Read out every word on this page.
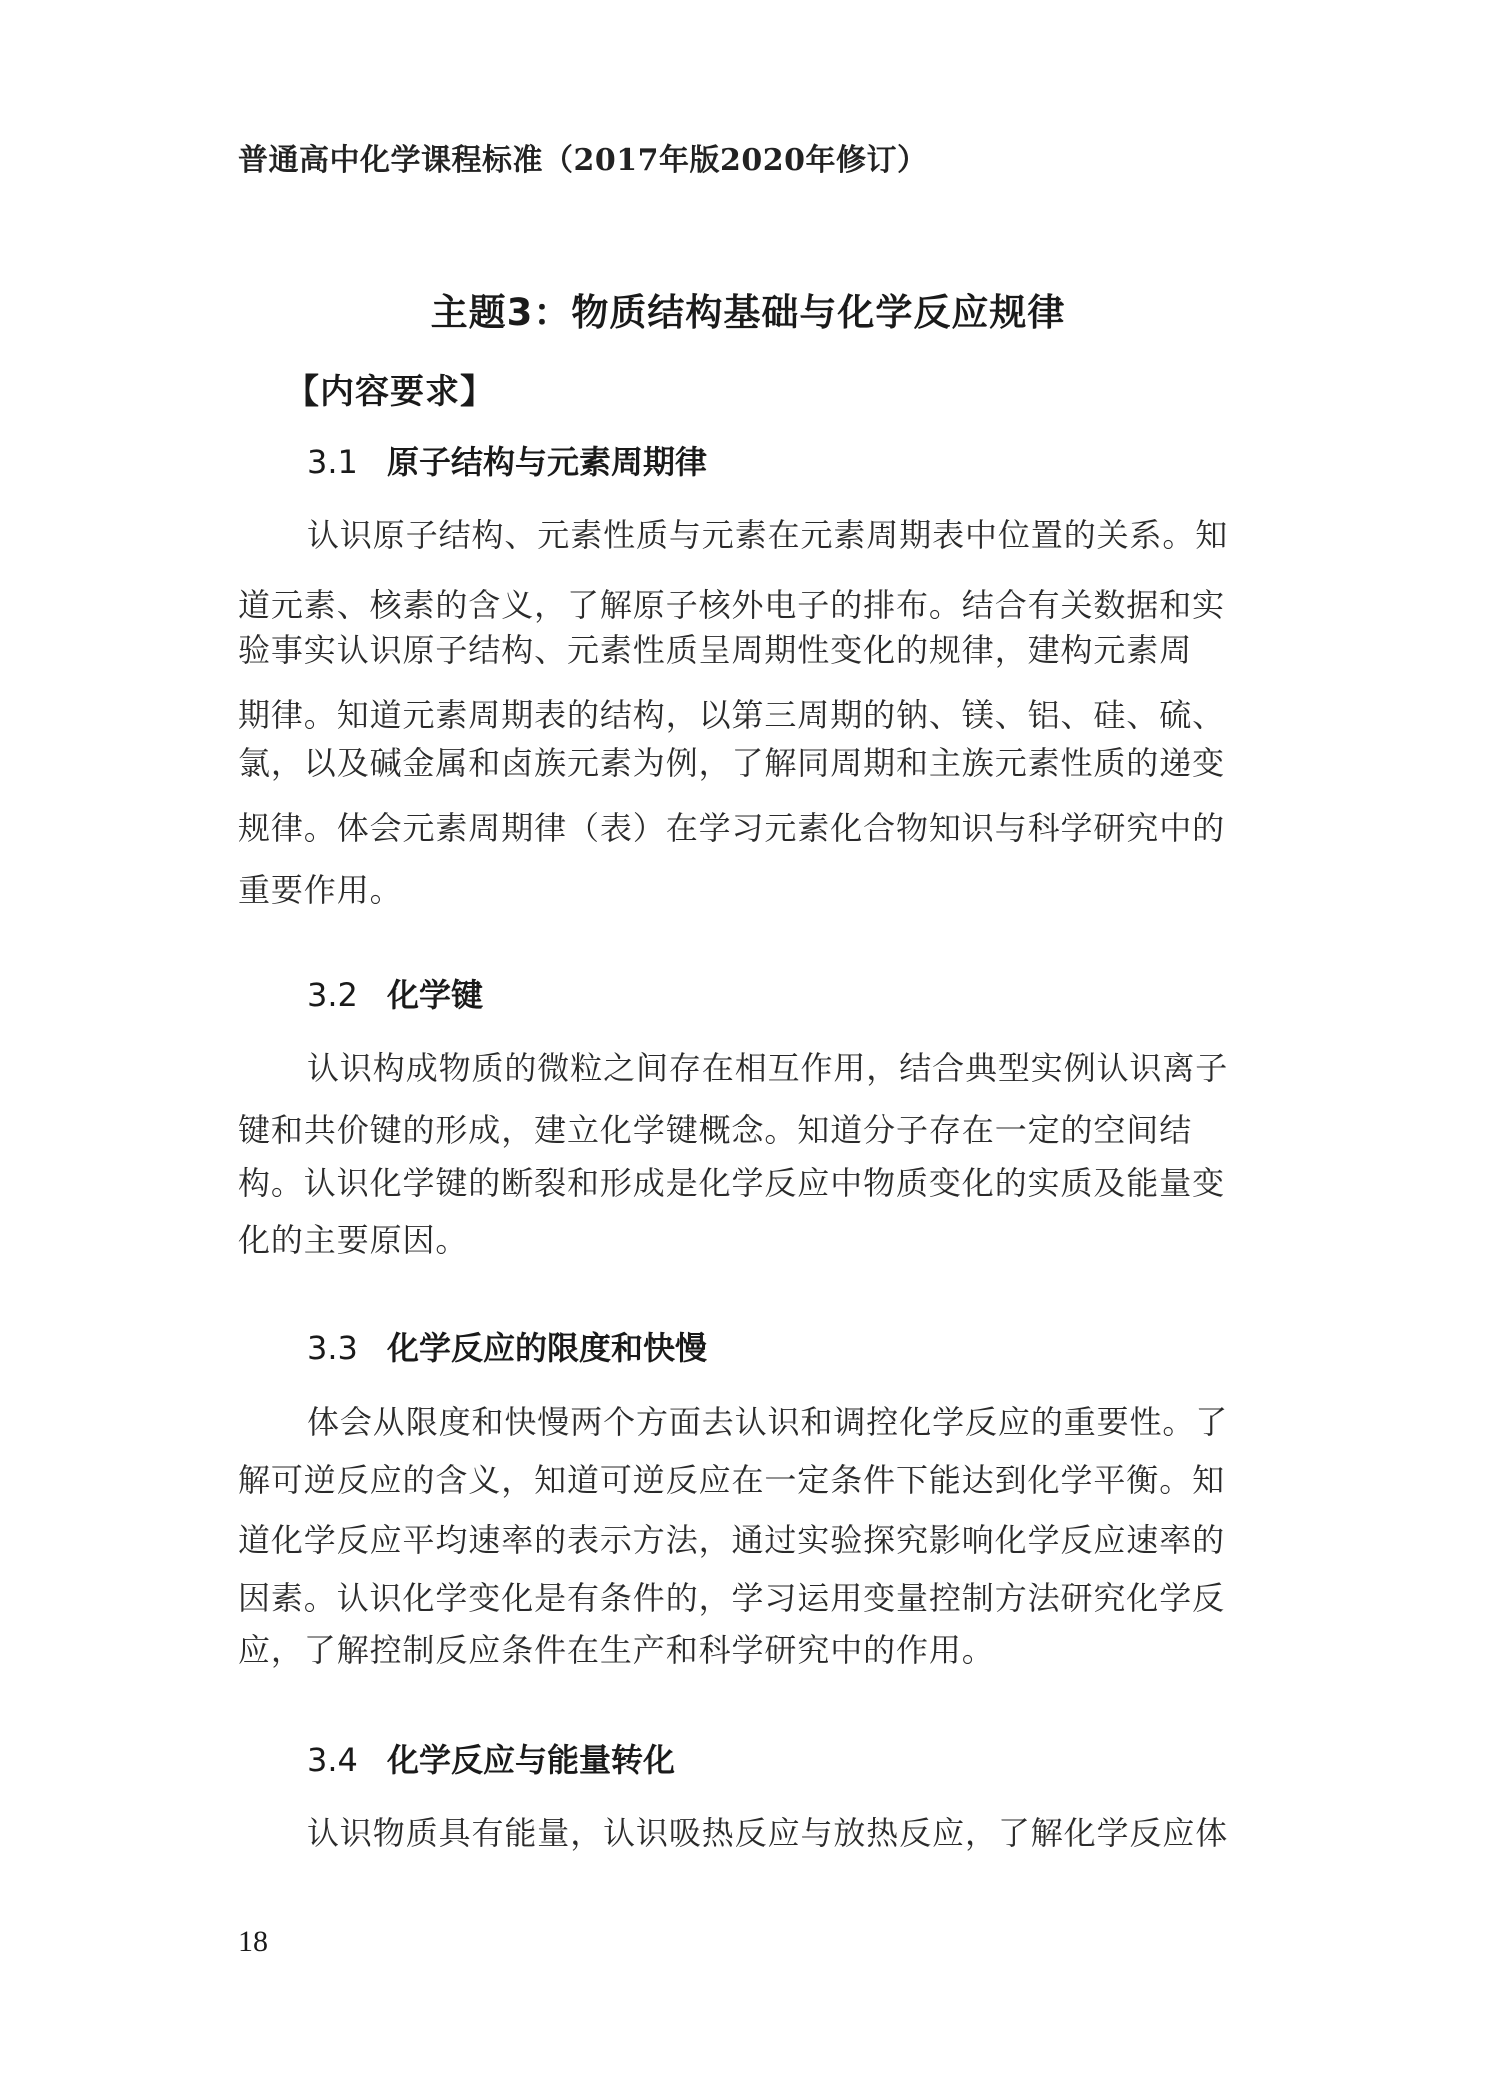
普通高中化学课程标准（2017年版2020年修订）
主题3：物质结构基础与化学反应规律
【内容要求】
3.1 原子结构与元素周期律
认识原子结构、元素性质与元素在元素周期表中位置的关系。知
道元素、核素的含义，了解原子核外电子的排布。结合有关数据和实
验事实认识原子结构、元素性质呈周期性变化的规律，建构元素周
期律。知道元素周期表的结构，以第三周期的钠、镁、铝、硅、硫、
氯，以及碱金属和卤族元素为例，了解同周期和主族元素性质的递变
规律。体会元素周期律（表）在学习元素化合物知识与科学研究中的
重要作用。
3.2 化学键
认识构成物质的微粒之间存在相互作用，结合典型实例认识离子
键和共价键的形成，建立化学键概念。知道分子存在一定的空间结
构。认识化学键的断裂和形成是化学反应中物质变化的实质及能量变
化的主要原因。
3.3 化学反应的限度和快慢
体会从限度和快慢两个方面去认识和调控化学反应的重要性。了
解可逆反应的含义，知道可逆反应在一定条件下能达到化学平衡。知
道化学反应平均速率的表示方法，通过实验探究影响化学反应速率的
因素。认识化学变化是有条件的，学习运用变量控制方法研究化学反
应，了解控制反应条件在生产和科学研究中的作用。
3.4 化学反应与能量转化
认识物质具有能量，认识吸热反应与放热反应，了解化学反应体
18
